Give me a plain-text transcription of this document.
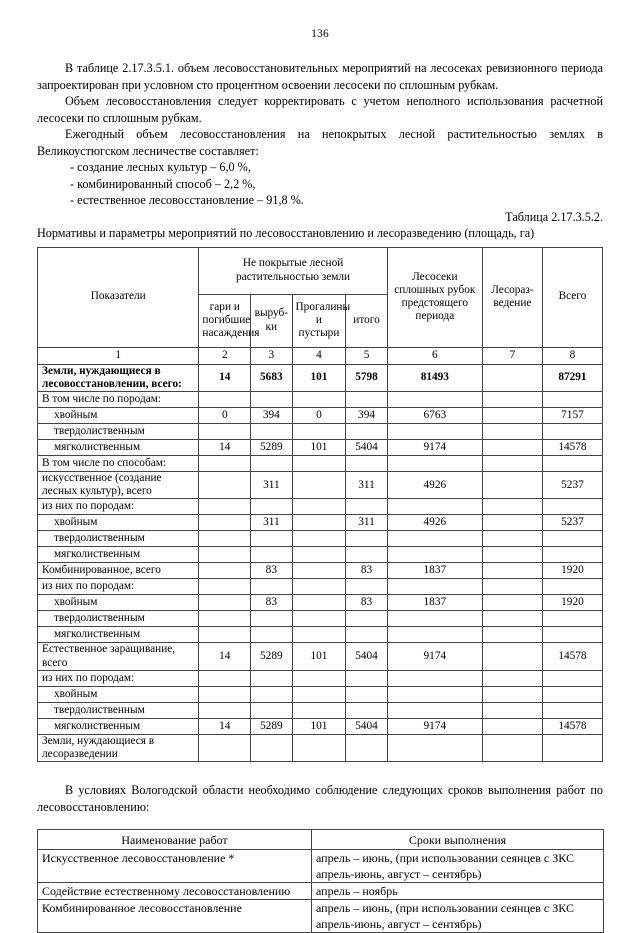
136

В таблице 2.17.3.5.1. объем лесовосстановительных мероприятий на лесосеках ревизионного периода запроектирован при условном сто процентном освоении лесосеки по сплошным рубкам.

Объем лесовосстановления следует корректировать с учетом неполного использования расчетной лесосеки по сплошным рубкам.

Ежегодный объем лесовосстановления на непокрытых лесной растительностью землях в Великоустюгском лесничестве составляет:

- создание лесных культур – 6,0 %,
- комбинированный способ – 2,2 %,
- естественное лесовосстановление – 91,8 %.

Таблица 2.17.3.5.2.

Нормативы и параметры мероприятий по лесовосстановлению и лесоразведению (площадь, га)

Показатели	Не покрытые лесной растительностью земли				Лесосеки сплошных рубок предстоящего периода	Лесораз-ведение	Всего
	гари и погибшие насаждения	выруб-ки	Прогалины и пустыри	итого			
1	2	3	4	5	6	7	8
Земли, нуждающиеся в лесовосстановлении, всего:	14	5683	101	5798	81493		87291
В том числе по породам:							
хвойным	0	394	0	394	6763		7157
твердолиственным							
мягколиственным	14	5289	101	5404	9174		14578
В том числе по способам:							
искусственное (создание лесных культур), всего		311		311	4926		5237
из них по породам:							
хвойным		311		311	4926		5237
твердолиственным							
мягколиственным							
Комбинированное, всего		83		83	1837		1920
из них по породам:							
хвойным		83		83	1837		1920
твердолиственным							
мягколиственным							
Естественное заращивание, всего	14	5289	101	5404	9174		14578
из них по породам:							
хвойным							
твердолиственным							
мягколиственным	14	5289	101	5404	9174		14578
Земли, нуждающиеся в лесоразведении							

В условиях Вологодской области необходимо соблюдение следующих сроков выполнения работ по лесовосстановлению:

Наименование работ	Сроки выполнения
Искусственное лесовосстановление *	апрель – июнь, (при использовании сеянцев с ЗКС апрель-июнь, август – сентябрь)
Содействие естественному лесовосстановлению	апрель – ноябрь
Комбинированное лесовосстановление	апрель – июнь, (при использовании сеянцев с ЗКС апрель-июнь, август – сентябрь)
